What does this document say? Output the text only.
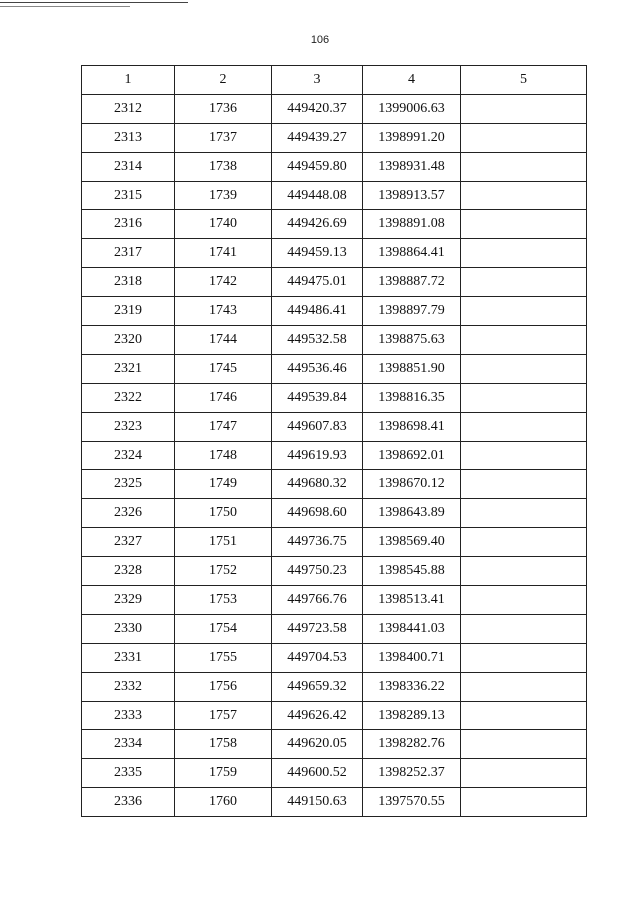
106
1	2	3	4	5
2312	1736	449420.37	1399006.63	
2313	1737	449439.27	1398991.20	
2314	1738	449459.80	1398931.48	
2315	1739	449448.08	1398913.57	
2316	1740	449426.69	1398891.08	
2317	1741	449459.13	1398864.41	
2318	1742	449475.01	1398887.72	
2319	1743	449486.41	1398897.79	
2320	1744	449532.58	1398875.63	
2321	1745	449536.46	1398851.90	
2322	1746	449539.84	1398816.35	
2323	1747	449607.83	1398698.41	
2324	1748	449619.93	1398692.01	
2325	1749	449680.32	1398670.12	
2326	1750	449698.60	1398643.89	
2327	1751	449736.75	1398569.40	
2328	1752	449750.23	1398545.88	
2329	1753	449766.76	1398513.41	
2330	1754	449723.58	1398441.03	
2331	1755	449704.53	1398400.71	
2332	1756	449659.32	1398336.22	
2333	1757	449626.42	1398289.13	
2334	1758	449620.05	1398282.76	
2335	1759	449600.52	1398252.37	
2336	1760	449150.63	1397570.55	
